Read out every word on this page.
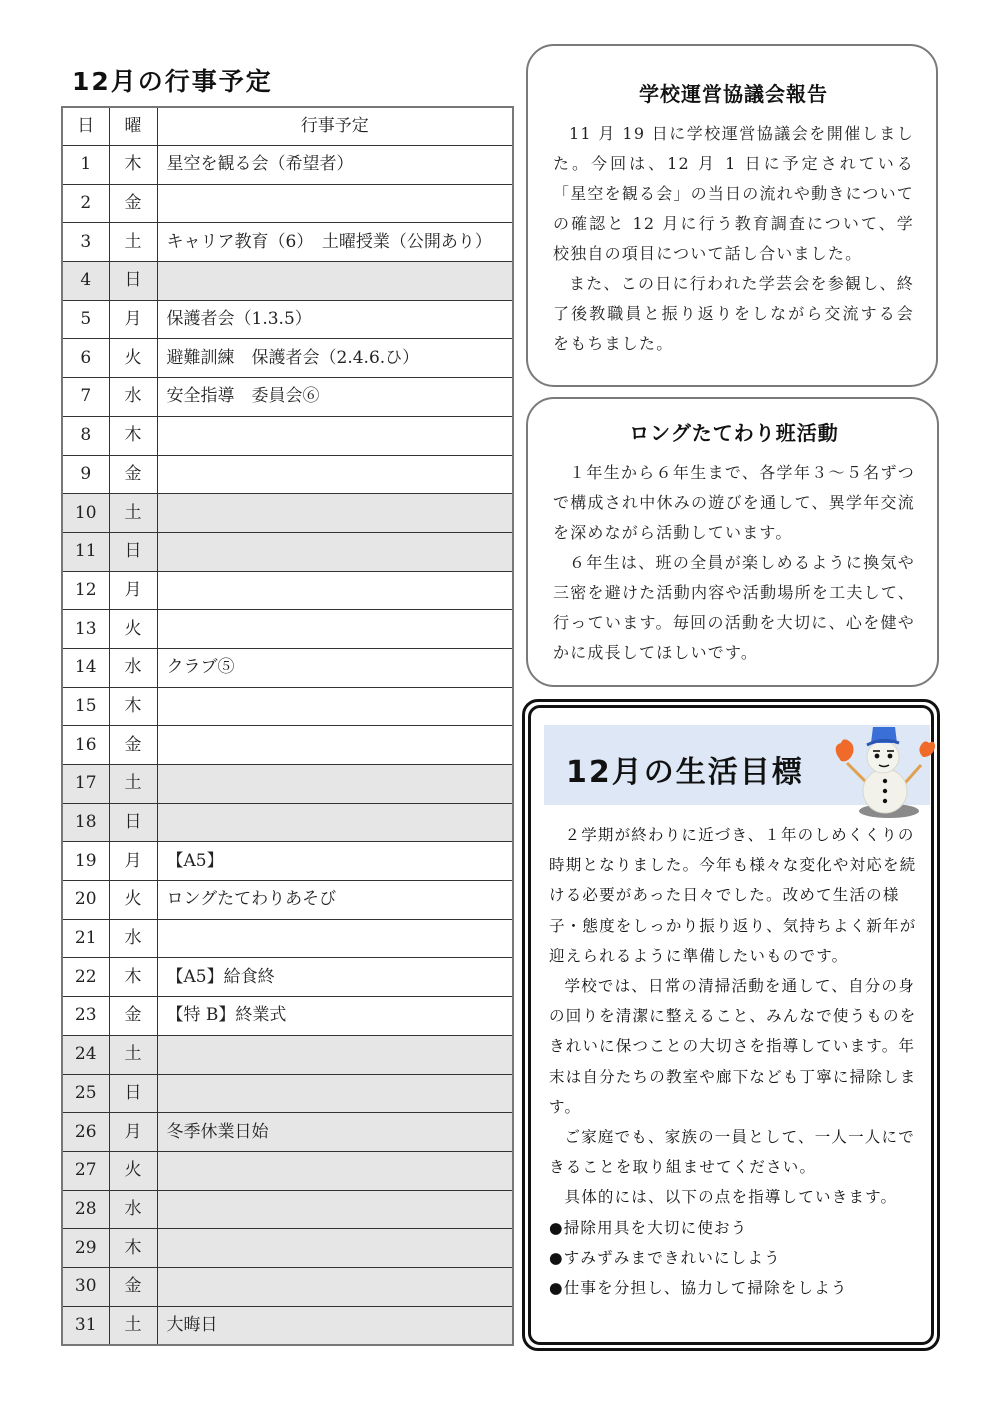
12月の行事予定
日	曜	行事予定
1	木	星空を観る会（希望者）
2	金	
3	土	キャリア教育（6）　土曜授業（公開あり）
4	日	
5	月	保護者会（1.3.5）
6	火	避難訓練　保護者会（2.4.6.ひ）
7	水	安全指導　委員会⑥
8	木	
9	金	
10	土	
11	日	
12	月	
13	火	
14	水	クラブ⑤
15	木	
16	金	
17	土	
18	日	
19	月	【A5】
20	火	ロングたてわりあそび
21	水	
22	木	【A5】給食終
23	金	【特 B】終業式
24	土	
25	日	
26	月	冬季休業日始
27	火	
28	水	
29	木	
30	金	
31	土	大晦日
学校運営協議会報告

11 月 19 日に学校運営協議会を開催しました。今回は、12 月 1 日に予定されている「星空を観る会」の当日の流れや動きについての確認と 12 月に行う教育調査について、学校独自の項目について話し合いました。

また、この日に行われた学芸会を参観し、終了後教職員と振り返りをしながら交流する会をもちました。

ロングたてわり班活動

１年生から６年生まで、各学年３～５名ずつで構成され中休みの遊びを通して、異学年交流を深めながら活動しています。

６年生は、班の全員が楽しめるように換気や三密を避けた活動内容や活動場所を工夫して、行っています。毎回の活動を大切に、心を健やかに成長してほしいです。

12月の生活目標

２学期が終わりに近づき、１年のしめくくりの時期となりました。今年も様々な変化や対応を続ける必要があった日々でした。改めて生活の様子・態度をしっかり振り返り、気持ちよく新年が迎えられるように準備したいものです。

学校では、日常の清掃活動を通して、自分の身の回りを清潔に整えること、みんなで使うものをきれいに保つことの大切さを指導しています。年末は自分たちの教室や廊下なども丁寧に掃除します。

ご家庭でも、家族の一員として、一人一人にできることを取り組ませてください。

具体的には、以下の点を指導していきます。

● 掃除用具を大切に使おう
● すみずみまできれいにしよう
● 仕事を分担し、協力して掃除をしよう
